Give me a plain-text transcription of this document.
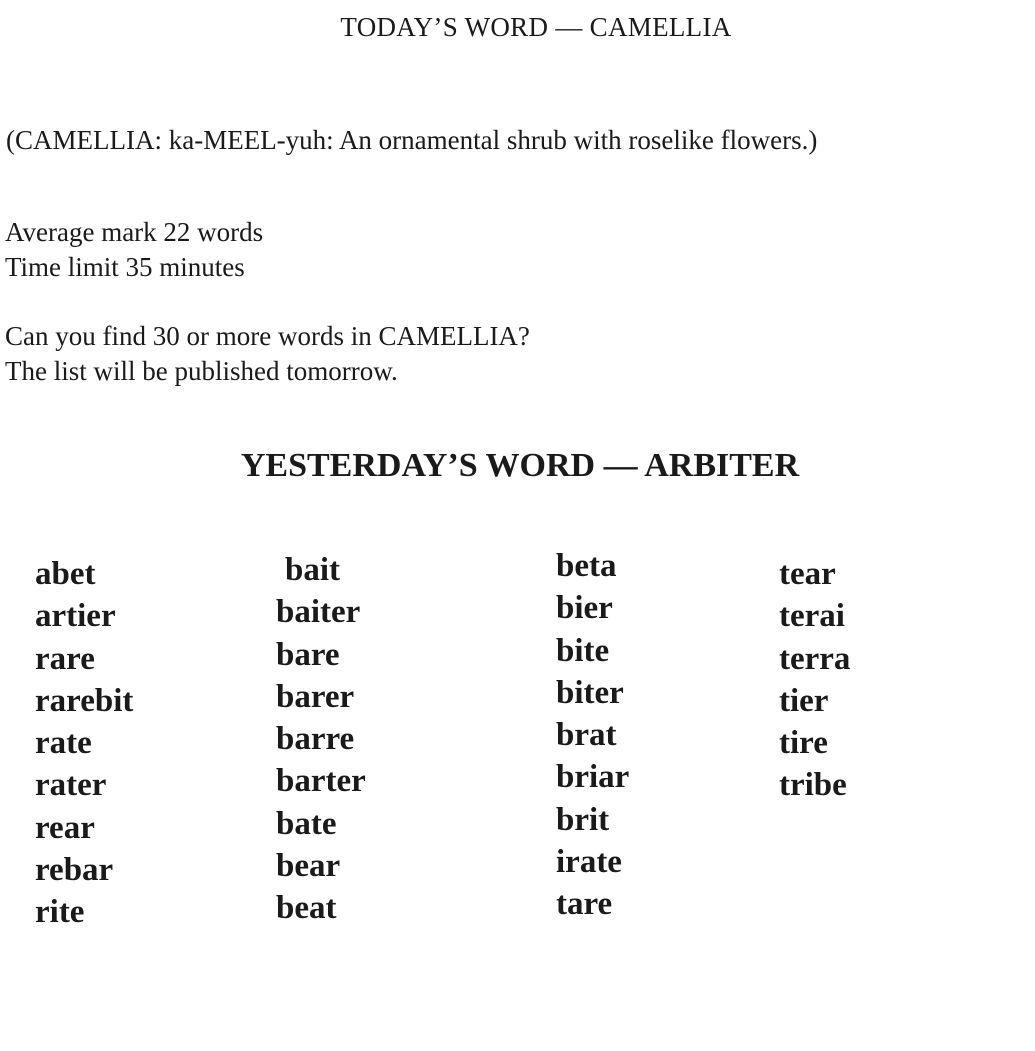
TODAY’S WORD — CAMELLIA
(CAMELLIA: ka-MEEL-yuh: An ornamental shrub with roselike flowers.)
Average mark 22 words
Time limit 35 minutes
Can you find 30 or more words in CAMELLIA?
The list will be published tomorrow.
YESTERDAY’S WORD — ARBITER
abet
artier
rare
rarebit
rate
rater
rear
rebar
rite
bait
baiter
bare
barer
barre
barter
bate
bear
beat
beta
bier
bite
biter
brat
briar
brit
irate
tare
tear
terai
terra
tier
tire
tribe
